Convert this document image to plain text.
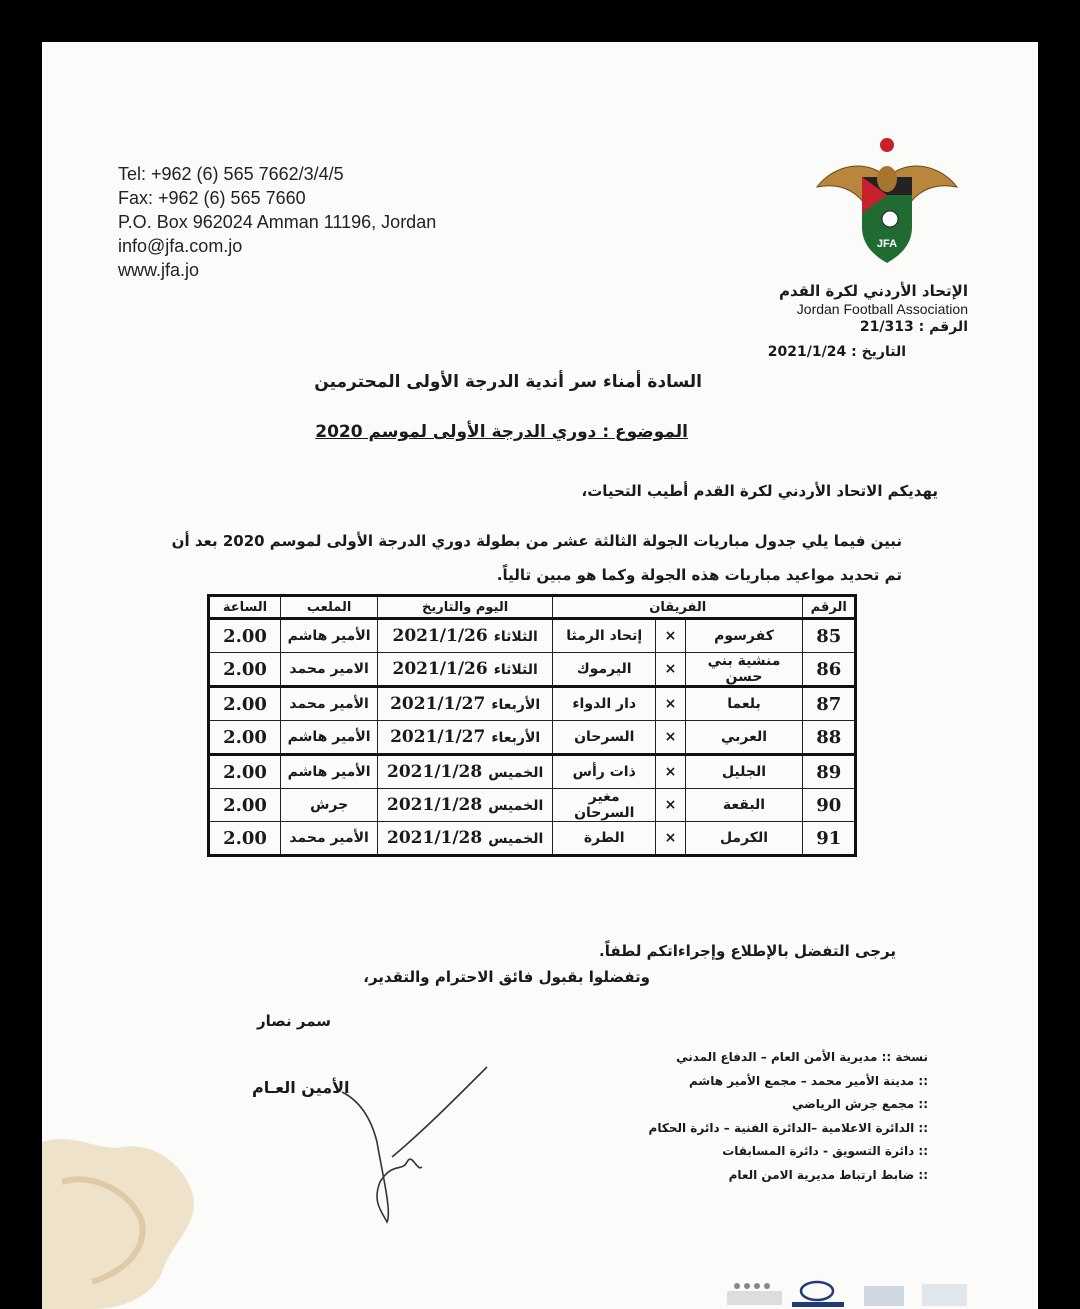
Tel: +962 (6) 565 7662/3/4/5
Fax: +962 (6) 565 7660
P.O. Box 962024 Amman 11196, Jordan
info@jfa.com.jo
www.jfa.jo
JFA
الإتحاد الأردني لكرة القدم
Jordan Football Association
الرقم : 21/313
التاريخ : 2021/1/24
السادة أمناء سر أندية الدرجة الأولى المحترمين
الموضوع : دوري الدرجة الأولى لموسم 2020
يهديكم الاتحاد الأردني لكرة القدم أطيب التحيات،
نبين فيما يلي جدول مباريات الجولة الثالثة عشر من بطولة دوري الدرجة الأولى لموسم 2020 بعد أن تم تحديد مواعيد مباريات هذه الجولة وكما هو مبين تالياً.
الرقم	الفريقان			اليوم والتاريخ	الملعب	الساعة
85	كفرسوم	×	إتحاد الرمثا	الثلاثاء2021/1/26	الأمير هاشم	2.00
86	منشية بني حسن	×	اليرموك	الثلاثاء2021/1/26	الامير محمد	2.00
87	بلعما	×	دار الدواء	الأربعاء2021/1/27	الأمير محمد	2.00
88	العربي	×	السرحان	الأربعاء2021/1/27	الأمير هاشم	2.00
89	الجليل	×	ذات رأس	الخميس2021/1/28	الأمير هاشم	2.00
90	البقعة	×	مغير السرحان	الخميس2021/1/28	جرش	2.00
91	الكرمل	×	الطرة	الخميس2021/1/28	الأمير محمد	2.00
يرجى التفضل بالإطلاع وإجراءاتكم لطفاً.
وتفضلوا بقبول فائق الاحترام والتقدير،
سمر نصار
الأمين العـام
نسخة :: مديرية الأمن العام – الدفاع المدني
:: مدينة الأمير محمد – مجمع الأمير هاشم
:: مجمع جرش الرياضي
:: الدائرة الاعلامية –الدائرة الفنية – دائرة الحكام
:: دائرة التسويق - دائرة المسابقات
:: ضابط ارتباط مديرية الامن العام
